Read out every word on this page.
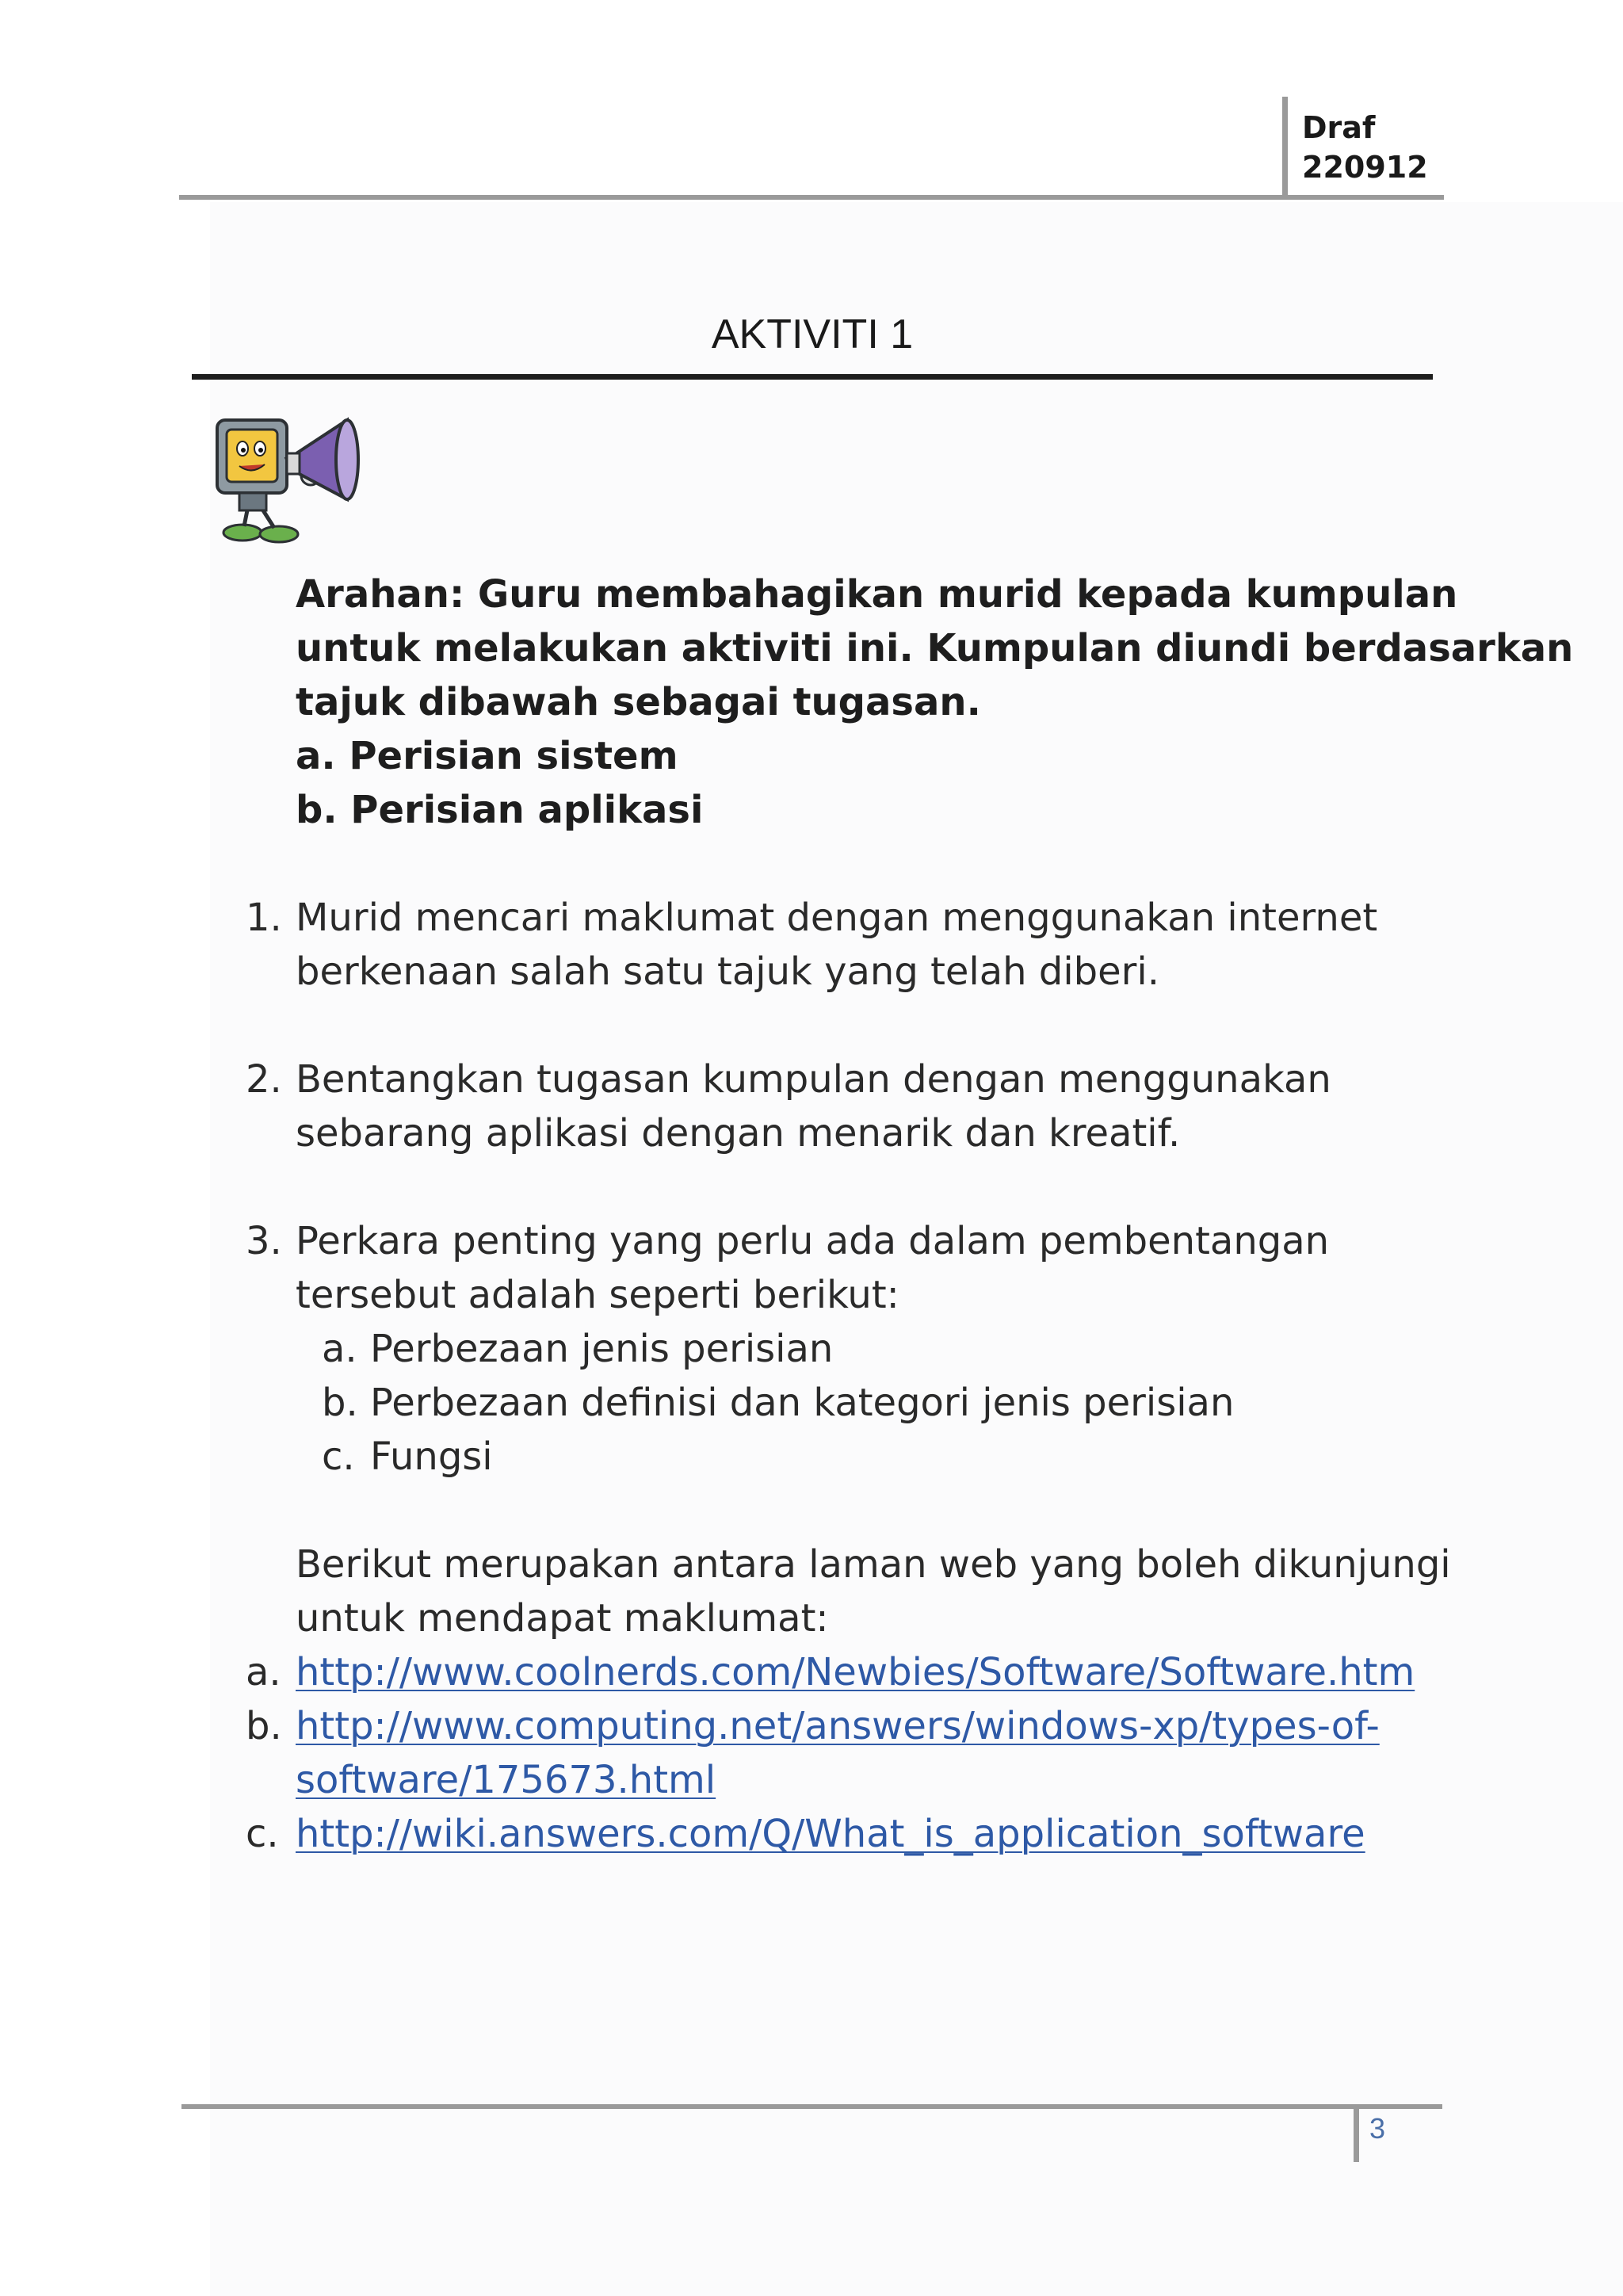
Draf
220912
AKTIVITI 1
Arahan: Guru membahagikan murid kepada kumpulan
untuk melakukan aktiviti ini. Kumpulan diundi berdasarkan
tajuk dibawah sebagai tugasan.
a. Perisian sistem
b. Perisian aplikasi
1. Murid mencari maklumat dengan menggunakan internet
berkenaan salah satu tajuk yang telah diberi.
2. Bentangkan tugasan kumpulan dengan menggunakan
sebarang aplikasi dengan menarik dan kreatif.
3. Perkara penting yang perlu ada dalam pembentangan
tersebut adalah seperti berikut:
a. Perbezaan jenis perisian
b. Perbezaan definisi dan kategori jenis perisian
c. Fungsi
Berikut merupakan antara laman web yang boleh dikunjungi
untuk mendapat maklumat:
a. http://www.coolnerds.com/Newbies/Software/Software.htm
b. http://www.computing.net/answers/windows-xp/types-of-
software/175673.html
c. http://wiki.answers.com/Q/What_is_application_software
3
